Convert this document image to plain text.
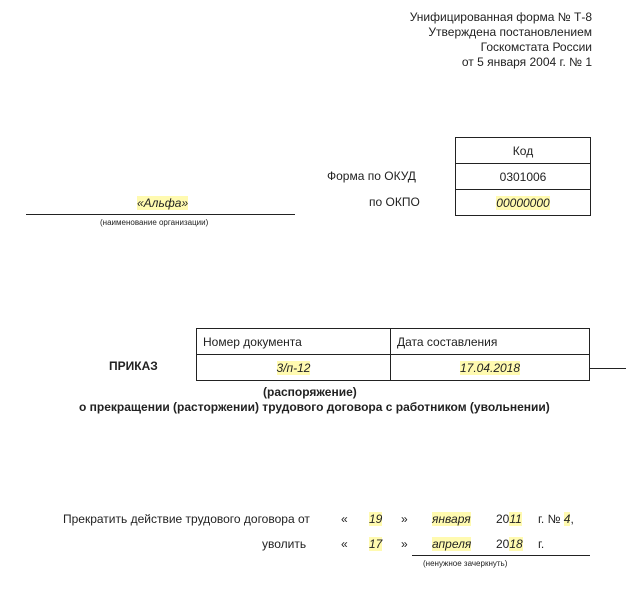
Унифицированная форма № Т-8
Утверждена постановлением
Госкомстата России
от 5 января 2004 г. № 1
Код
0301006
00000000
Форма по ОКУД
по ОКПО
«Альфа»
(наименование организации)
Номер документа	Дата составления
3/п-12	17.04.2018
ПРИКАЗ
(распоряжение)
о прекращении (расторжении) трудового договора с работником (увольнении)
Прекратить действие трудового договора от	« 19 » января 2011 г. № 4,
уволить	« 17 » апреля 2018 г.
(ненужное зачеркнуть)
